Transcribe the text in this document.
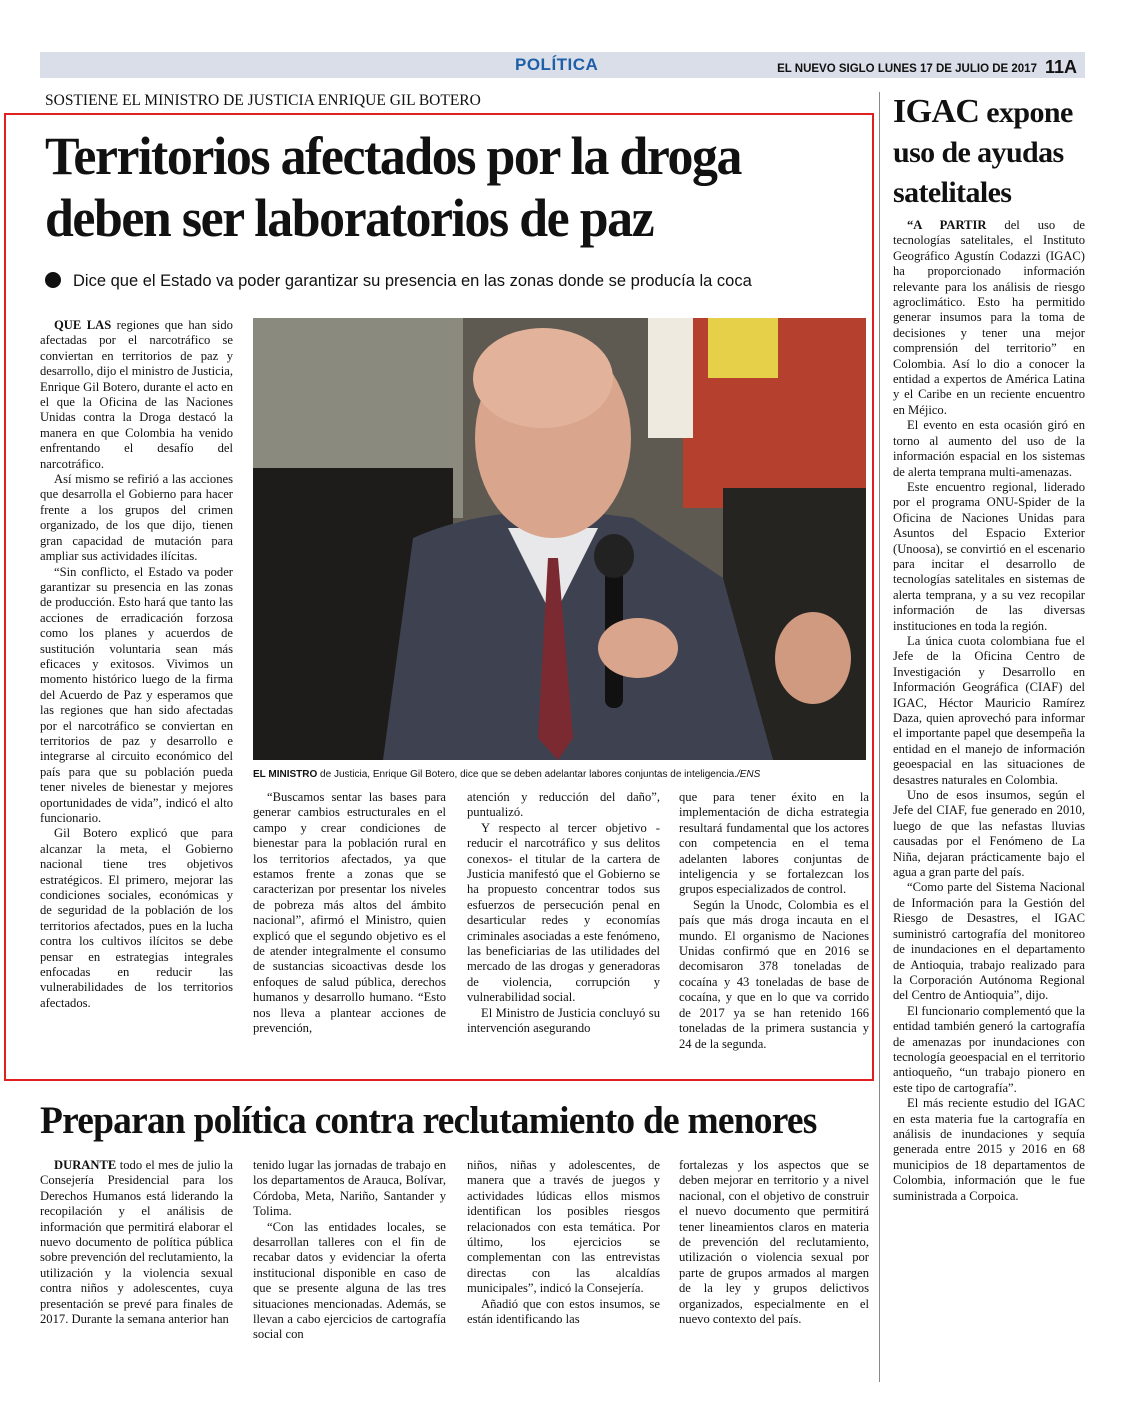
POLÍTICA	EL NUEVO SIGLO LUNES 17 DE JULIO DE 2017 11A
SOSTIENE EL MINISTRO DE JUSTICIA ENRIQUE GIL BOTERO
Territorios afectados por la droga deben ser laboratorios de paz
Dice que el Estado va poder garantizar su presencia en las zonas donde se producía la coca

QUE LAS regiones que han sido afectadas por el narcotráfico se conviertan en territorios de paz y desarrollo, dijo el ministro de Justicia, Enrique Gil Botero, durante el acto en el que la Oficina de las Naciones Unidas contra la Droga destacó la manera en que Colombia ha venido enfrentando el desafío del narcotráfico.

Así mismo se refirió a las acciones que desarrolla el Gobierno para hacer frente a los grupos del crimen organizado, de los que dijo, tienen gran capacidad de mutación para ampliar sus actividades ilícitas.

“Sin conflicto, el Estado va poder garantizar su presencia en las zonas de producción. Esto hará que tanto las acciones de erradicación forzosa como los planes y acuerdos de sustitución voluntaria sean más eficaces y exitosos. Vivimos un momento histórico luego de la firma del Acuerdo de Paz y esperamos que las regiones que han sido afectadas por el narcotráfico se conviertan en territorios de paz y desarrollo e integrarse al circuito económico del país para que su población pueda tener niveles de bienestar y mejores oportunidades de vida”, indicó el alto funcionario.

Gil Botero explicó que para alcanzar la meta, el Gobierno nacional tiene tres objetivos estratégicos. El primero, mejorar las condiciones sociales, económicas y de seguridad de la población de los territorios afectados, pues en la lucha contra los cultivos ilícitos se debe pensar en estrategias integrales enfocadas en reducir las vulnerabilidades de los territorios afectados.

EL MINISTRO de Justicia, Enrique Gil Botero, dice que se deben adelantar labores conjuntas de inteligencia./ENS

“Buscamos sentar las bases para generar cambios estructurales en el campo y crear condiciones de bienestar para la población rural en los territorios afectados, ya que estamos frente a zonas que se caracterizan por presentar los niveles de pobreza más altos del ámbito nacional”, afirmó el Ministro, quien explicó que el segundo objetivo es el de atender integralmente el consumo de sustancias sicoactivas desde los enfoques de salud pública, derechos humanos y desarrollo humano. “Esto nos lleva a plantear acciones de prevención,

atención y reducción del daño”, puntualizó.

Y respecto al tercer objetivo -reducir el narcotráfico y sus delitos conexos- el titular de la cartera de Justicia manifestó que el Gobierno se ha propuesto concentrar todos sus esfuerzos de persecución penal en desarticular redes y economías criminales asociadas a este fenómeno, las beneficiarias de las utilidades del mercado de las drogas y generadoras de violencia, corrupción y vulnerabilidad social.

El Ministro de Justicia concluyó su intervención asegurando

que para tener éxito en la implementación de dicha estrategia resultará fundamental que los actores con competencia en el tema adelanten labores conjuntas de inteligencia y se fortalezcan los grupos especializados de control.

Según la Unodc, Colombia es el país que más droga incauta en el mundo. El organismo de Naciones Unidas confirmó que en 2016 se decomisaron 378 toneladas de cocaína y 43 toneladas de base de cocaína, y que en lo que va corrido de 2017 ya se han retenido 166 toneladas de la primera sustancia y 24 de la segunda.

Preparan política contra reclutamiento de menores

DURANTE todo el mes de julio la Consejería Presidencial para los Derechos Humanos está liderando la recopilación y el análisis de información que permitirá elaborar el nuevo documento de política pública sobre prevención del reclutamiento, la utilización y la violencia sexual contra niños y adolescentes, cuya presentación se prevé para finales de 2017. Durante la semana anterior han

tenido lugar las jornadas de trabajo en los departamentos de Arauca, Bolívar, Córdoba, Meta, Nariño, Santander y Tolima.

“Con las entidades locales, se desarrollan talleres con el fin de recabar datos y evidenciar la oferta institucional disponible en caso de que se presente alguna de las tres situaciones mencionadas. Además, se llevan a cabo ejercicios de cartografía social con

niños, niñas y adolescentes, de manera que a través de juegos y actividades lúdicas ellos mismos identifican los posibles riesgos relacionados con esta temática. Por último, los ejercicios se complementan con las entrevistas directas con las alcaldías municipales”, indicó la Consejería.

Añadió que con estos insumos, se están identificando las

fortalezas y los aspectos que se deben mejorar en territorio y a nivel nacional, con el objetivo de construir el nuevo documento que permitirá tener lineamientos claros en materia de prevención del reclutamiento, utilización o violencia sexual por parte de grupos armados al margen de la ley y grupos delictivos organizados, especialmente en el nuevo contexto del país.

IGAC expone uso de ayudas satelitales

“A PARTIR del uso de tecnologías satelitales, el Instituto Geográfico Agustín Codazzi (IGAC) ha proporcionado información relevante para los análisis de riesgo agroclimático. Esto ha permitido generar insumos para la toma de decisiones y tener una mejor comprensión del territorio” en Colombia. Así lo dio a conocer la entidad a expertos de América Latina y el Caribe en un reciente encuentro en Méjico.

El evento en esta ocasión giró en torno al aumento del uso de la información espacial en los sistemas de alerta temprana multi-amenazas.

Este encuentro regional, liderado por el programa ONU-Spider de la Oficina de Naciones Unidas para Asuntos del Espacio Exterior (Unoosa), se convirtió en el escenario para incitar el desarrollo de tecnologías satelitales en sistemas de alerta temprana, y a su vez recopilar información de las diversas instituciones en toda la región.

La única cuota colombiana fue el Jefe de la Oficina Centro de Investigación y Desarrollo en Información Geográfica (CIAF) del IGAC, Héctor Mauricio Ramírez Daza, quien aprovechó para informar el importante papel que desempeña la entidad en el manejo de información geoespacial en las situaciones de desastres naturales en Colombia.

Uno de esos insumos, según el Jefe del CIAF, fue generado en 2010, luego de que las nefastas lluvias causadas por el Fenómeno de La Niña, dejaran prácticamente bajo el agua a gran parte del país.

“Como parte del Sistema Nacional de Información para la Gestión del Riesgo de Desastres, el IGAC suministró cartografía del monitoreo de inundaciones en el departamento de Antioquia, trabajo realizado para la Corporación Autónoma Regional del Centro de Antioquia”, dijo.

El funcionario complementó que la entidad también generó la cartografía de amenazas por inundaciones con tecnología geoespacial en el territorio antioqueño, “un trabajo pionero en este tipo de cartografía”.

El más reciente estudio del IGAC en esta materia fue la cartografía en análisis de inundaciones y sequía generada entre 2015 y 2016 en 68 municipios de 18 departamentos de Colombia, información que le fue suministrada a Corpoica.
